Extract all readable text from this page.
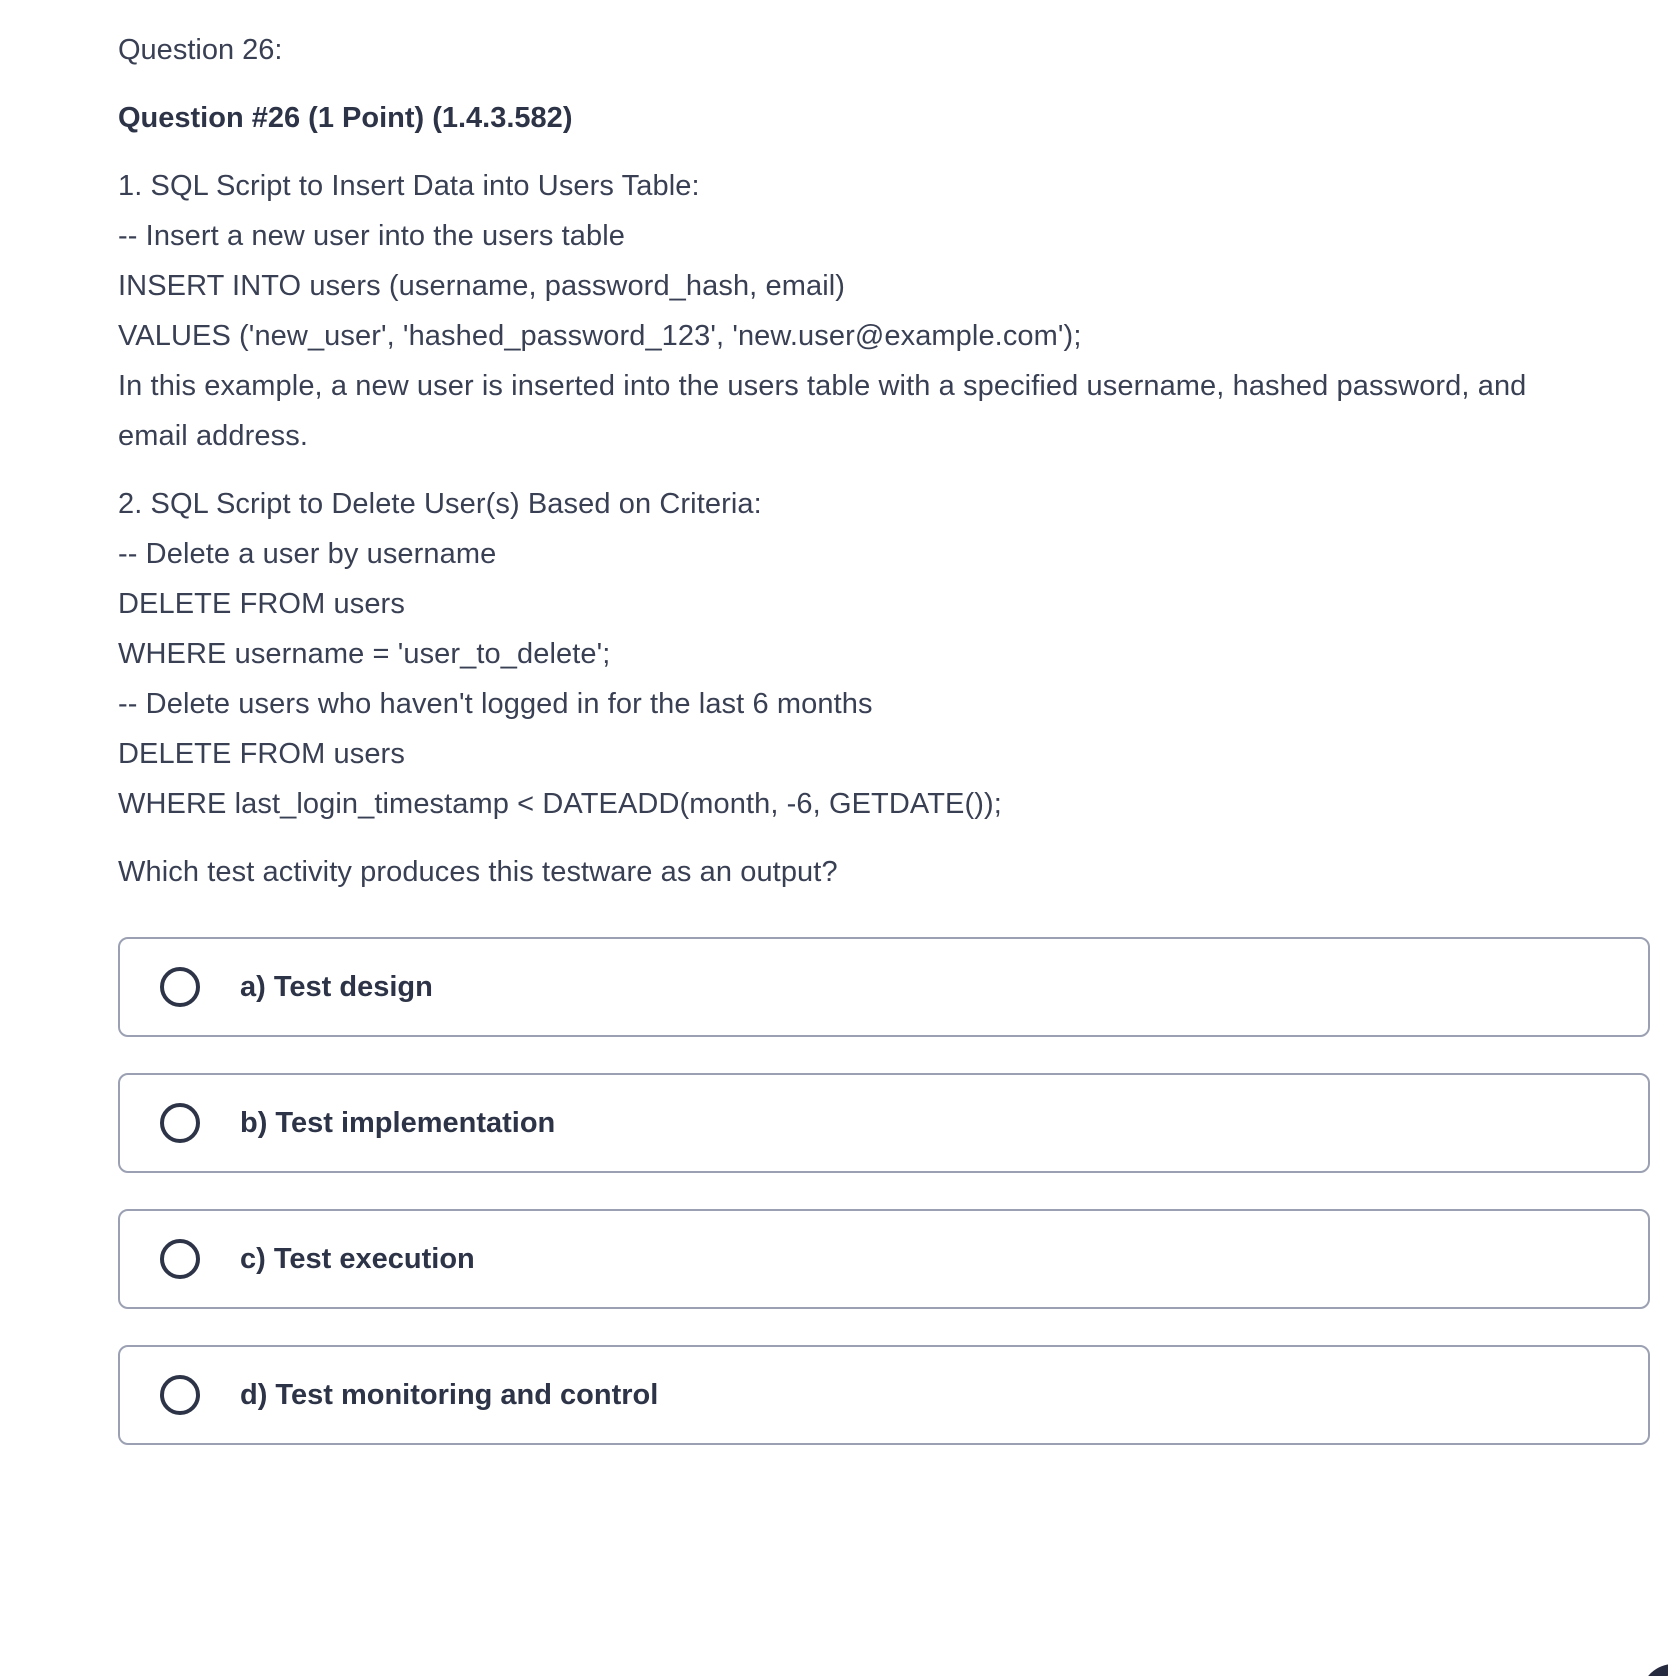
Question 26:
Question #26 (1 Point) (1.4.3.582)
1. SQL Script to Insert Data into Users Table:
-- Insert a new user into the users table
INSERT INTO users (username, password_hash, email)
VALUES ('new_user', 'hashed_password_123', 'new.user@example.com');
In this example, a new user is inserted into the users table with a specified username, hashed password, and
email address.
2. SQL Script to Delete User(s) Based on Criteria:
-- Delete a user by username
DELETE FROM users
WHERE username = 'user_to_delete';
-- Delete users who haven't logged in for the last 6 months
DELETE FROM users
WHERE last_login_timestamp < DATEADD(month, -6, GETDATE());
Which test activity produces this testware as an output?
a) Test design
b) Test implementation
c) Test execution
d) Test monitoring and control
